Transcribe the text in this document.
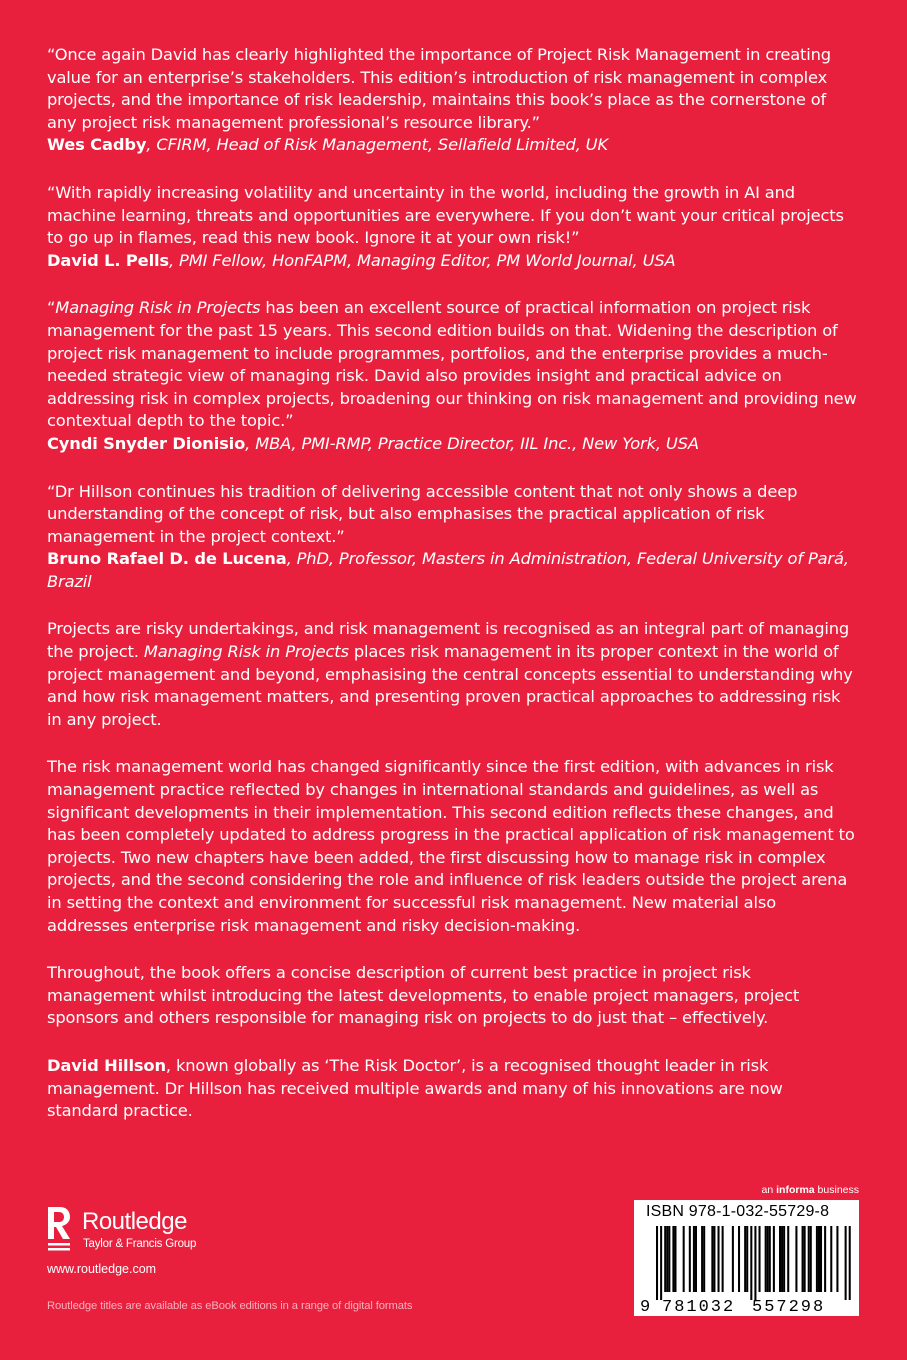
“Once again David has clearly highlighted the importance of Project Risk Management in creating value for an enterprise’s stakeholders. This edition’s introduction of risk management in complex projects, and the importance of risk leadership, maintains this book’s place as the cornerstone of any project risk management professional’s resource library.”

Wes Cadby, CFIRM, Head of Risk Management, Sellafield Limited, UK

“With rapidly increasing volatility and uncertainty in the world, including the growth in AI and machine learning, threats and opportunities are everywhere. If you don’t want your critical projects to go up in flames, read this new book. Ignore it at your own risk!”

David L. Pells, PMI Fellow, HonFAPM, Managing Editor, PM World Journal, USA

“Managing Risk in Projects has been an excellent source of practical information on project risk management for the past 15 years. This second edition builds on that. Widening the description of project risk management to include programmes, portfolios, and the enterprise provides a much-needed strategic view of managing risk. David also provides insight and practical advice on addressing risk in complex projects, broadening our thinking on risk management and providing new contextual depth to the topic.”

Cyndi Snyder Dionisio, MBA, PMI-RMP, Practice Director, IIL Inc., New York, USA

“Dr Hillson continues his tradition of delivering accessible content that not only shows a deep understanding of the concept of risk, but also emphasises the practical application of risk management in the project context.”

Bruno Rafael D. de Lucena, PhD, Professor, Masters in Administration, Federal University of Pará, Brazil

Projects are risky undertakings, and risk management is recognised as an integral part of managing the project. Managing Risk in Projects places risk management in its proper context in the world of project management and beyond, emphasising the central concepts essential to understanding why and how risk management matters, and presenting proven practical approaches to addressing risk in any project.

The risk management world has changed significantly since the first edition, with advances in risk management practice reflected by changes in international standards and guidelines, as well as significant developments in their implementation. This second edition reflects these changes, and has been completely updated to address progress in the practical application of risk management to projects. Two new chapters have been added, the first discussing how to manage risk in complex projects, and the second considering the role and influence of risk leaders outside the project arena in setting the context and environment for successful risk management. New material also addresses enterprise risk management and risky decision-making.

Throughout, the book offers a concise description of current best practice in project risk management whilst introducing the latest developments, to enable project managers, project sponsors and others responsible for managing risk on projects to do just that – effectively.

David Hillson, known globally as ‘The Risk Doctor’, is a recognised thought leader in risk management. Dr Hillson has received multiple awards and many of his innovations are now standard practice.

Routledge
Taylor & Francis Group
www.routledge.com
Routledge titles are available as eBook editions in a range of digital formats
an informa business
ISBN 978-1-032-55729-8
9 781032 557298
